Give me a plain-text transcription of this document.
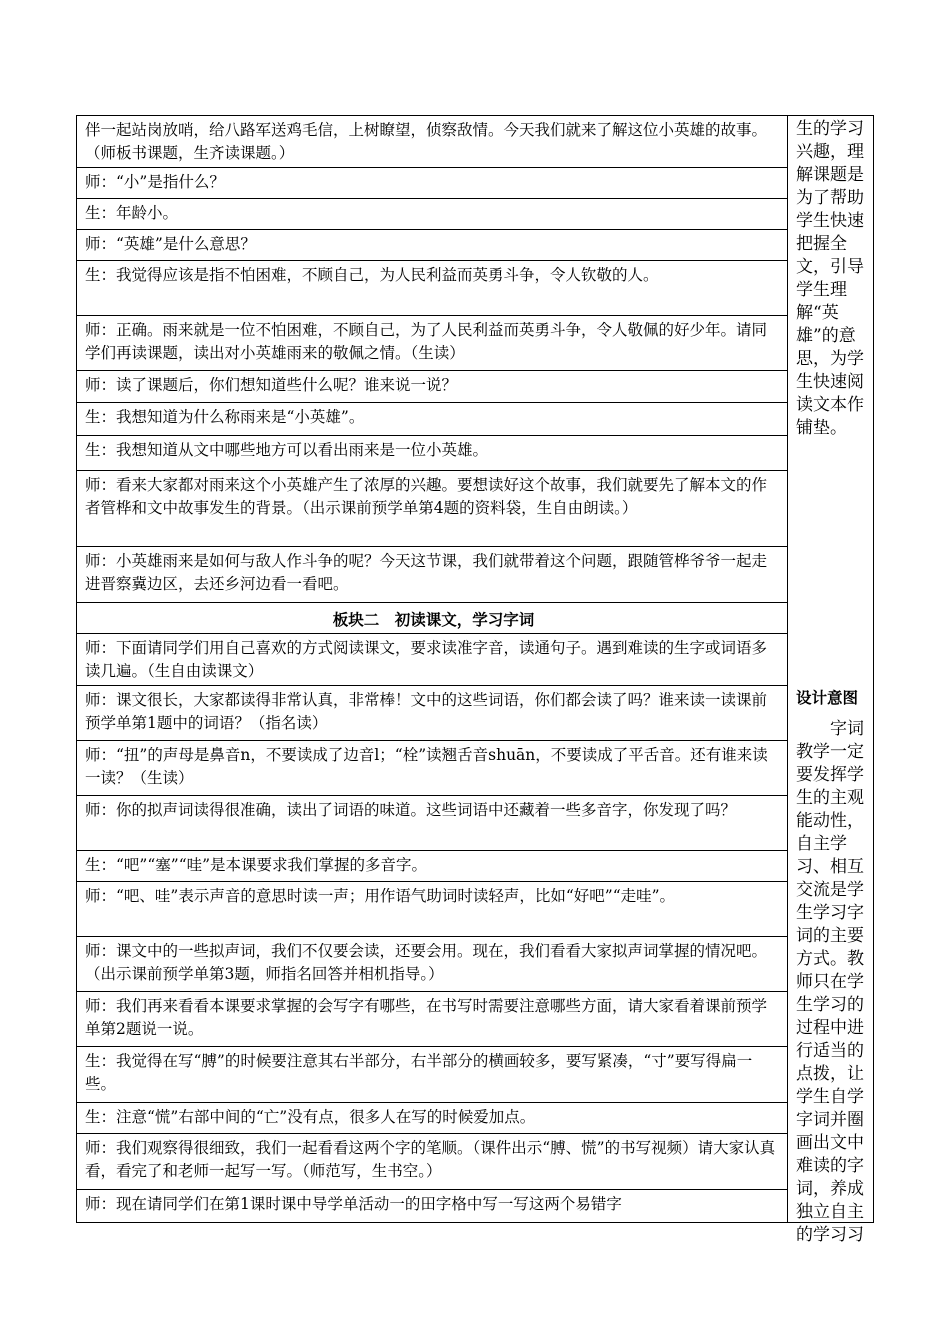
伴一起站岗放哨，给八路军送鸡毛信，上树瞭望，侦察敌情。今天我们就来了解这位小英雄的故事。（师板书课题，生齐读课题。）
师：“小”是指什么？
生：年龄小。
师：“英雄”是什么意思？
生：我觉得应该是指不怕困难，不顾自己，为人民利益而英勇斗争，令人钦敬的人。
师：正确。雨来就是一位不怕困难，不顾自己，为了人民利益而英勇斗争，令人敬佩的好少年。请同学们再读课题，读出对小英雄雨来的敬佩之情。（生读）
师：读了课题后，你们想知道些什么呢？谁来说一说？
生：我想知道为什么称雨来是“小英雄”。
生：我想知道从文中哪些地方可以看出雨来是一位小英雄。
师：看来大家都对雨来这个小英雄产生了浓厚的兴趣。要想读好这个故事，我们就要先了解本文的作者管桦和文中故事发生的背景。（出示课前预学单第4题的资料袋，生自由朗读。）
师：小英雄雨来是如何与敌人作斗争的呢？今天这节课，我们就带着这个问题，跟随管桦爷爷一起走进晋察冀边区，去还乡河边看一看吧。
板块二　初读课文，学习字词
师：下面请同学们用自己喜欢的方式阅读课文，要求读准字音，读通句子。遇到难读的生字或词语多读几遍。（生自由读课文）
师：课文很长，大家都读得非常认真，非常棒！文中的这些词语，你们都会读了吗？谁来读一读课前预学单第1题中的词语？（指名读）
师：“扭”的声母是鼻音n，不要读成了边音l；“栓”读翘舌音shuān，不要读成了平舌音。还有谁来读一读？（生读）
师：你的拟声词读得很准确，读出了词语的味道。这些词语中还藏着一些多音字，你发现了吗？
生：“吧”“塞”“哇”是本课要求我们掌握的多音字。
师：“吧、哇”表示声音的意思时读一声；用作语气助词时读轻声，比如“好吧”“走哇”。
师：课文中的一些拟声词，我们不仅要会读，还要会用。现在，我们看看大家拟声词掌握的情况吧。（出示课前预学单第3题，师指名回答并相机指导。）
师：我们再来看看本课要求掌握的会写字有哪些，在书写时需要注意哪些方面，请大家看着课前预学单第2题说一说。
生：我觉得在写“膊”的时候要注意其右半部分，右半部分的横画较多，要写紧凑，“寸”要写得扁一些。
生：注意“慌”右部中间的“亡”没有点，很多人在写的时候爱加点。
师：我们观察得很细致，我们一起看看这两个字的笔顺。（课件出示“膊、慌”的书写视频）请大家认真看，看完了和老师一起写一写。（师范写，生书空。）
师：现在请同学们在第1课时课中导学单活动一的田字格中写一写这两个易错字
生的学习兴趣，理解课题是为了帮助学生快速把握全文，引导学生理解“英雄”的意思，为学生快速阅读文本作铺垫。
设计意图
　　字词教学一定要发挥学生的主观能动性，自主学习、相互交流是学生学习字词的主要方式。教师只在学生学习的过程中进行适当的点拨，让学生自学字词并圈画出文中难读的字词，养成独立自主的学习习
